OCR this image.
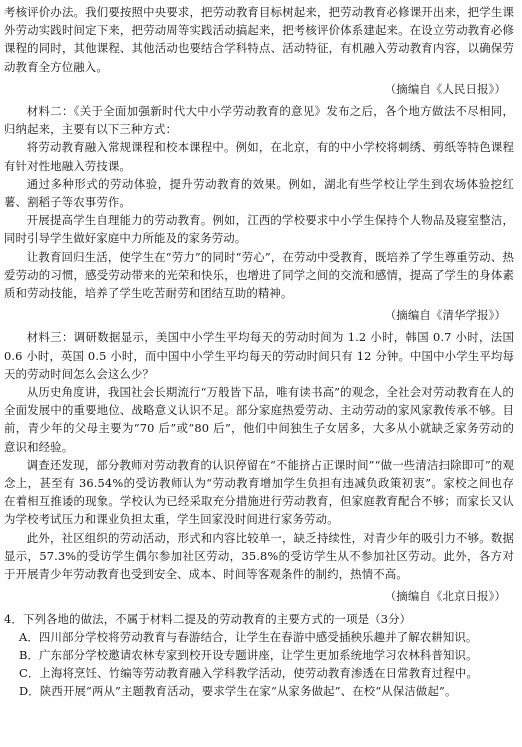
考核评价办法。我们要按照中央要求，把劳动教育目标树起来，把劳动教育必修课开出来，把学生课外劳动实践时间定下来，把劳动周等实践活动搞起来，把考核评价体系建起来。在设立劳动教育必修课程的同时，其他课程、其他活动也要结合学科特点、活动特征，有机融入劳动教育内容，以确保劳动教育全方位融入。

（摘编自《人民日报》）

材料二：《关于全面加强新时代大中小学劳动教育的意见》发布之后，各个地方做法不尽相同，归纳起来，主要有以下三种方式：

将劳动教育融入常规课程和校本课程中。例如，在北京，有的中小学校将刺绣、剪纸等特色课程有针对性地融入劳技课。

通过多种形式的劳动体验，提升劳动教育的效果。例如，湖北有些学校让学生到农场体验挖红薯、割稻子等农事劳作。

开展提高学生自理能力的劳动教育。例如，江西的学校要求中小学生保持个人物品及寝室整洁，同时引导学生做好家庭中力所能及的家务劳动。

让教育回归生活，使学生在“劳力”的同时“劳心”，在劳动中受教育，既培养了学生尊重劳动、热爱劳动的习惯，感受劳动带来的光荣和快乐，也增进了同学之间的交流和感情，提高了学生的身体素质和劳动技能，培养了学生吃苦耐劳和团结互助的精神。

（摘编自《清华学报》）

材料三：调研数据显示，美国中小学生平均每天的劳动时间为 1.2 小时，韩国 0.7 小时，法国 0.6 小时，英国 0.5 小时，而中国中小学生平均每天的劳动时间只有 12 分钟。中国中小学生平均每天的劳动时间怎么会这么少？

从历史角度讲，我国社会长期流行“万般皆下品，唯有读书高”的观念，全社会对劳动教育在人的全面发展中的重要地位、战略意义认识不足。部分家庭热爱劳动、主动劳动的家风家教传承不够。目前，青少年的父母主要为“70 后”或“80 后”，他们中间独生子女居多，大多从小就缺乏家务劳动的意识和经验。

调查还发现，部分教师对劳动教育的认识停留在“不能挤占正课时间”“做一些清洁扫除即可”的观念上，甚至有 36.54%的受访教师认为“劳动教育增加学生负担有违减负政策初衷”。家校之间也存在着相互推诿的现象。学校认为已经采取充分措施进行劳动教育，但家庭教育配合不够；而家长又认为学校考试压力和课业负担太重，学生回家没时间进行家务劳动。

此外，社区组织的劳动活动，形式和内容比较单一，缺乏持续性，对青少年的吸引力不够。数据显示，57.3%的受访学生偶尔参加社区劳动，35.8%的受访学生从不参加社区劳动。此外，各方对于开展青少年劳动教育也受到安全、成本、时间等客观条件的制约，热情不高。

（摘编自《北京日报》）

4．下列各地的做法，不属于材料二提及的劳动教育的主要方式的一项是（3分）

A．四川部分学校将劳动教育与春游结合，让学生在春游中感受插秧乐趣并了解农耕知识。

B．广东部分学校邀请农林专家到校开设专题讲座，让学生更加系统地学习农林科普知识。

C．上海将烹饪、竹编等劳动教育融入学科教学活动，使劳动教育渗透在日常教育过程中。

D．陕西开展“两从”主题教育活动，要求学生在家“从家务做起”、在校“从保洁做起”。
